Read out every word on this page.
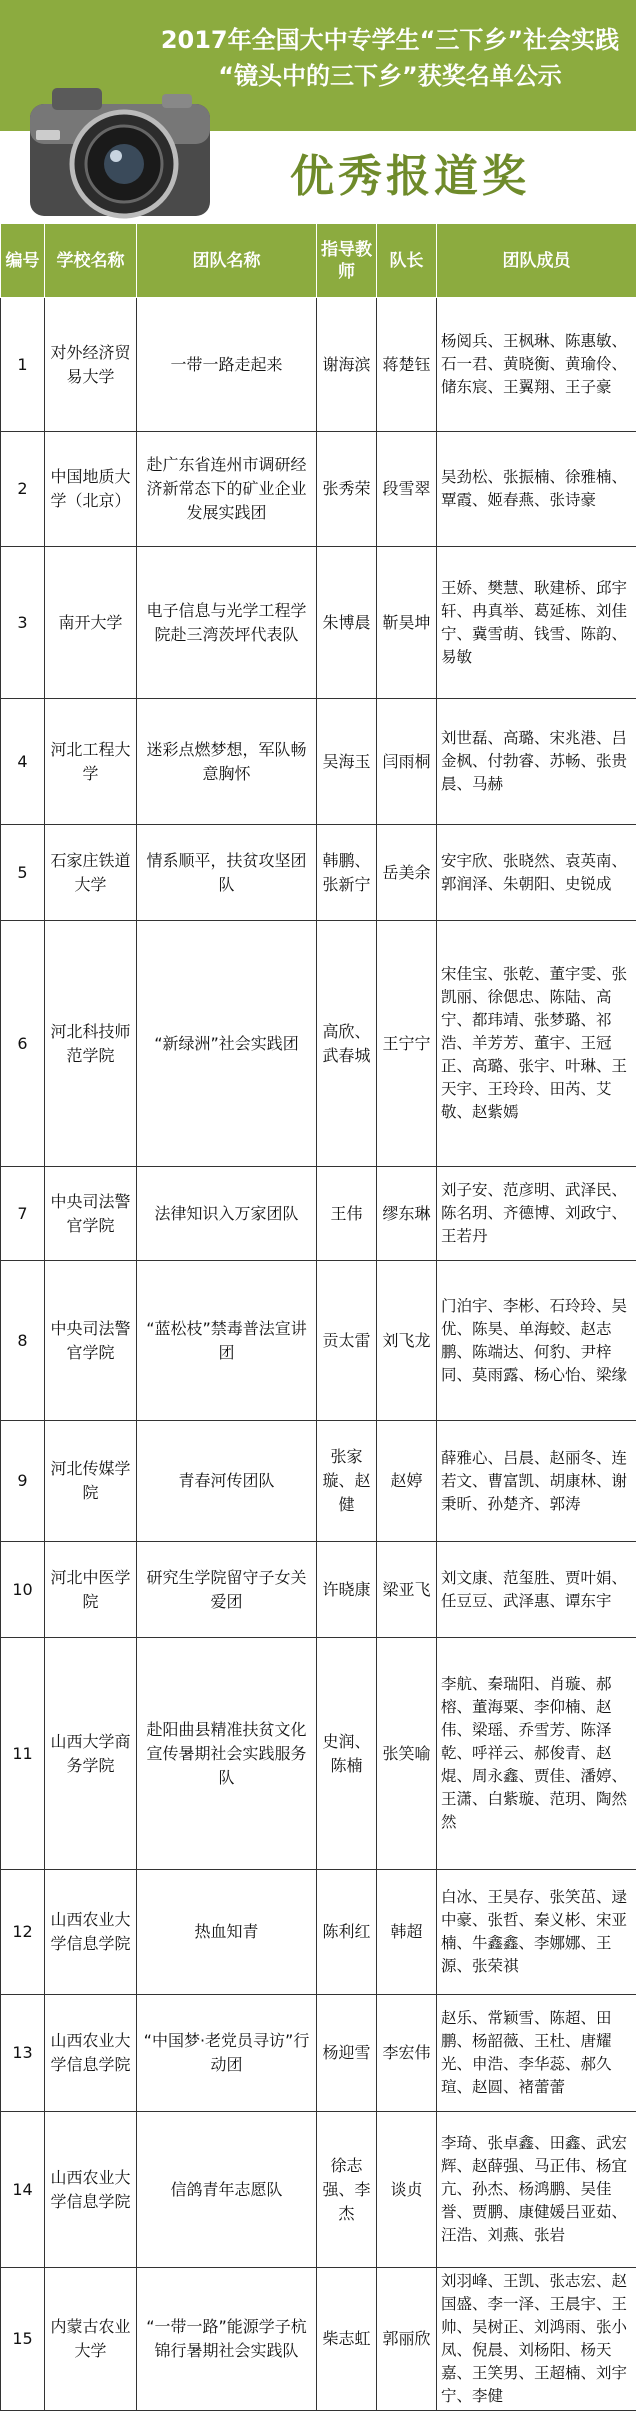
2017年全国大中专学生“三下乡”社会实践
“镜头中的三下乡”获奖名单公示
优秀报道奖
编号	学校名称	团队名称	指导教师	队长	团队成员
1	对外经济贸易大学	一带一路走起来	谢海滨	蒋楚钰	杨阅兵、王枫琳、陈惠敏、石一君、黄晓衡、黄瑜伶、储东宸、王翼翔、王子豪
2	中国地质大学（北京）	赴广东省连州市调研经济新常态下的矿业企业发展实践团	张秀荣	段雪翠	吴劲松、张振楠、徐雅楠、覃霞、姬春燕、张诗豪
3	南开大学	电子信息与光学工程学院赴三湾茨坪代表队	朱博晨	靳昊坤	王娇、樊慧、耿建桥、邱宇轩、冉真举、葛延栋、刘佳宁、冀雪萌、钱雪、陈韵、易敏
4	河北工程大学	迷彩点燃梦想，军队畅意胸怀	吴海玉	闫雨桐	刘世磊、高璐、宋兆港、吕金枫、付勃睿、苏畅、张贵晨、马赫
5	石家庄铁道大学	情系顺平，扶贫攻坚团队	韩鹏、张新宁	岳美余	安宇欣、张晓然、袁英南、郭润泽、朱朝阳、史锐成
6	河北科技师范学院	“新绿洲”社会实践团	高欣、武春城	王宁宁	宋佳宝、张乾、董宇雯、张凯丽、徐偲忠、陈陆、高宁、都玮靖、张梦璐、祁浩、羊芳芳、董宇、王冠正、高璐、张宇、叶琳、王天宇、王玲玲、田芮、艾敬、赵紫嫣
7	中央司法警官学院	法律知识入万家团队	王伟	缪东琳	刘子安、范彦明、武泽民、陈名玥、齐德博、刘政宁、王若丹
8	中央司法警官学院	“蓝松枝”禁毒普法宣讲团	贡太雷	刘飞龙	门泊宇、李彬、石玲玲、吴优、陈昊、单海蛟、赵志鹏、陈端达、何豹、尹梓同、莫雨露、杨心怡、梁缘
9	河北传媒学院	青春河传团队	张家璇、赵健	赵婷	薛雅心、吕晨、赵丽冬、连若文、曹富凯、胡康林、谢秉昕、孙楚齐、郭涛
10	河北中医学院	研究生学院留守子女关爱团	许晓康	梁亚飞	刘文康、范玺胜、贾叶娟、任豆豆、武泽惠、谭东宇
11	山西大学商务学院	赴阳曲县精准扶贫文化宣传暑期社会实践服务队	史润、陈楠	张笑喻	李航、秦瑞阳、肖璇、郝榕、董海粟、李仰楠、赵伟、梁瑶、乔雪芳、陈泽乾、呼祥云、郝俊青、赵焜、周永鑫、贾佳、潘婷、王潇、白紫璇、范玥、陶然然
12	山西农业大学信息学院	热血知青	陈利红	韩超	白冰、王昊存、张笑茁、逯中豪、张哲、秦义彬、宋亚楠、牛鑫鑫、李娜娜、王源、张荣祺
13	山西农业大学信息学院	“中国梦·老党员寻访”行动团	杨迎雪	李宏伟	赵乐、常颖雪、陈超、田鹏、杨韶薇、王杜、唐耀光、申浩、李华蕊、郝久瑄、赵圆、褚蕾蕾
14	山西农业大学信息学院	信鸽青年志愿队	徐志强、李杰	谈贞	李琦、张卓鑫、田鑫、武宏辉、赵薛强、马正伟、杨宜亢、孙杰、杨鸿鹏、吴佳誉、贾鹏、康健媛吕亚茹、汪浩、刘燕、张岩
15	内蒙古农业大学	“一带一路”能源学子杭锦行暑期社会实践队	柴志虹	郭丽欣	刘羽峰、王凯、张志宏、赵国盛、李一泽、王晨宇、王帅、吴树正、刘鸿雨、张小凤、倪晨、刘杨阳、杨天嘉、王笑男、王超楠、刘宇宁、李健
